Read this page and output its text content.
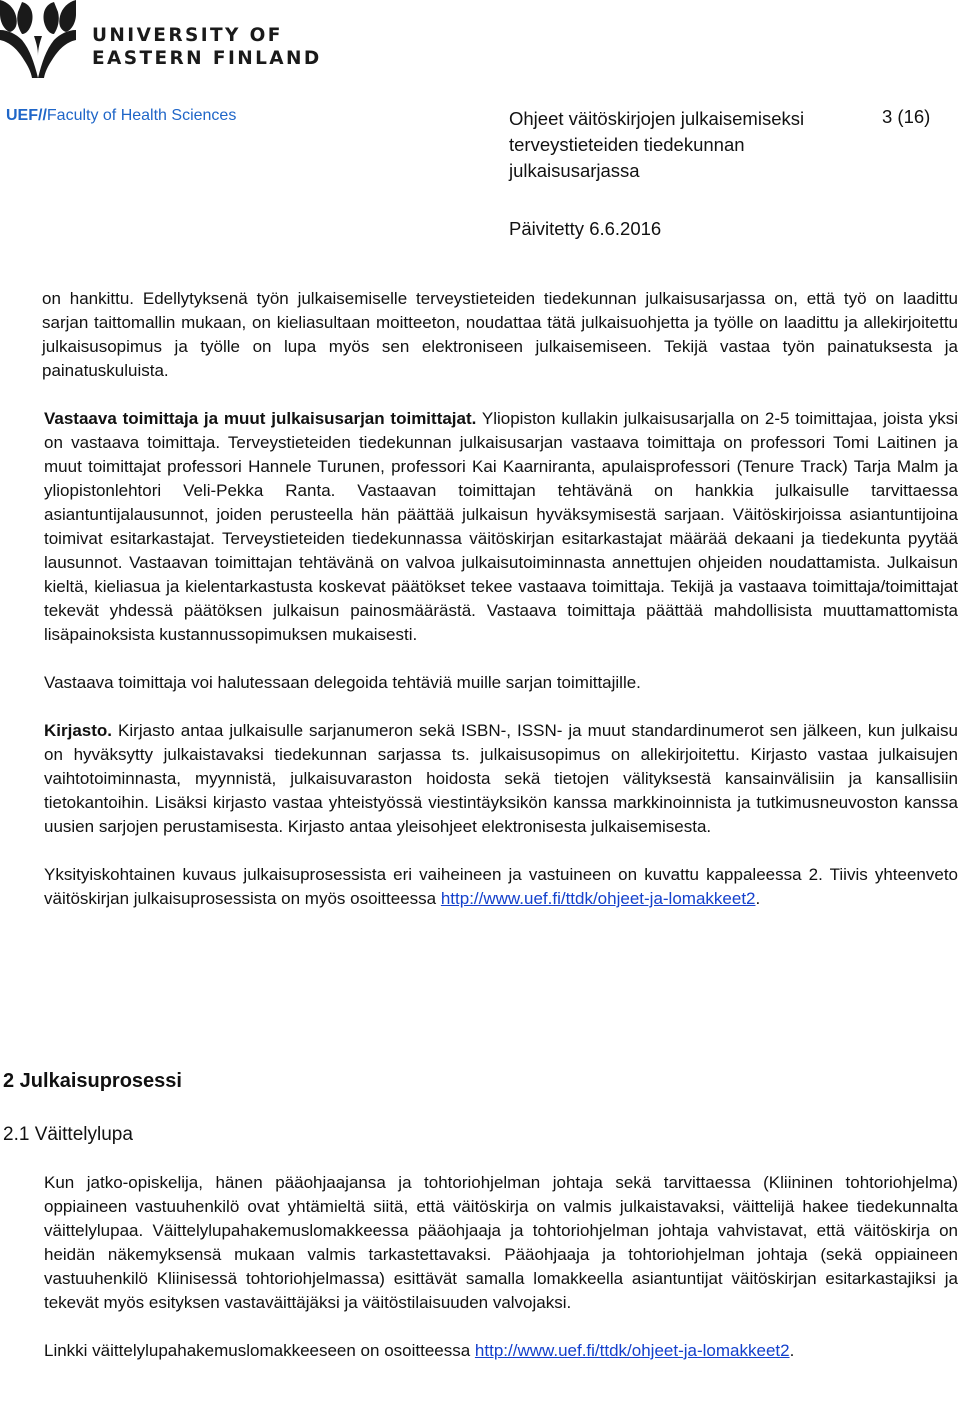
UNIVERSITY OF
EASTERN FINLAND
UEF//Faculty of Health Sciences	Ohjeet väitöskirjojen julkaisemiseksi terveystieteiden tiedekunnan julkaisusarjassa
3 (16)
Päivitetty 6.6.2016

on hankittu. Edellytyksenä työn julkaisemiselle terveystieteiden tiedekunnan julkaisusarjassa on, että työ on laadittu sarjan taittomallin mukaan, on kieliasultaan moitteeton, noudattaa tätä julkaisuohjetta ja työlle on laadittu ja allekirjoitettu julkaisusopimus ja työlle on lupa myös sen elektroniseen julkaisemiseen. Tekijä vastaa työn painatuksesta ja painatuskuluista.

Vastaava toimittaja ja muut julkaisusarjan toimittajat. Yliopiston kullakin julkaisusarjalla on 2-5 toimittajaa, joista yksi on vastaava toimittaja. Terveystieteiden tiedekunnan julkaisusarjan vastaava toimittaja on professori Tomi Laitinen ja muut toimittajat professori Hannele Turunen, professori Kai Kaarniranta, apulaisprofessori (Tenure Track) Tarja Malm ja yliopistonlehtori Veli-Pekka Ranta. Vastaavan toimittajan tehtävänä on hankkia julkaisulle tarvittaessa asiantuntijalausunnot, joiden perusteella hän päättää julkaisun hyväksymisestä sarjaan. Väitöskirjoissa asiantuntijoina toimivat esitarkastajat. Terveystieteiden tiedekunnassa väitöskirjan esitarkastajat määrää dekaani ja tiedekunta pyytää lausunnot. Vastaavan toimittajan tehtävänä on valvoa julkaisutoiminnasta annettujen ohjeiden noudattamista. Julkaisun kieltä, kieliasua ja kielentarkastusta koskevat päätökset tekee vastaava toimittaja. Tekijä ja vastaava toimittaja/toimittajat tekevät yhdessä päätöksen julkaisun painosmäärästä. Vastaava toimittaja päättää mahdollisista muuttamattomista lisäpainoksista kustannussopimuksen mukaisesti.

Vastaava toimittaja voi halutessaan delegoida tehtäviä muille sarjan toimittajille.

Kirjasto. Kirjasto antaa julkaisulle sarjanumeron sekä ISBN-, ISSN- ja muut standardinumerot sen jälkeen, kun julkaisu on hyväksytty julkaistavaksi tiedekunnan sarjassa ts. julkaisusopimus on allekirjoitettu. Kirjasto vastaa julkaisujen vaihtotoiminnasta, myynnistä, julkaisuvaraston hoidosta sekä tietojen välityksestä kansainvälisiin ja kansallisiin tietokantoihin. Lisäksi kirjasto vastaa yhteistyössä viestintäyksikön kanssa markkinoinnista ja tutkimusneuvoston kanssa uusien sarjojen perustamisesta. Kirjasto antaa yleisohjeet elektronisesta julkaisemisesta.

Yksityiskohtainen kuvaus julkaisuprosessista eri vaiheineen ja vastuineen on kuvattu kappaleessa 2. Tiivis yhteenveto väitöskirjan julkaisuprosessista on myös osoitteessa http://www.uef.fi/ttdk/ohjeet-ja-lomakkeet2.

2 Julkaisuprosessi
2.1 Väittelylupa

Kun jatko-opiskelija, hänen pääohjaajansa ja tohtoriohjelman johtaja sekä tarvittaessa (Kliininen tohtoriohjelma) oppiaineen vastuuhenkilö ovat yhtämieltä siitä, että väitöskirja on valmis julkaistavaksi, väittelijä hakee tiedekunnalta väittelylupaa. Väittelylupahakemuslomakkeessa pääohjaaja ja tohtoriohjelman johtaja vahvistavat, että väitöskirja on heidän näkemyksensä mukaan valmis tarkastettavaksi. Pääohjaaja ja tohtoriohjelman johtaja (sekä oppiaineen vastuuhenkilö Kliinisessä tohtoriohjelmassa) esittävät samalla lomakkeella asiantuntijat väitöskirjan esitarkastajiksi ja tekevät myös esityksen vastaväittäjäksi ja väitöstilaisuuden valvojaksi.

Linkki väittelylupahakemuslomakkeeseen on osoitteessa http://www.uef.fi/ttdk/ohjeet-ja-lomakkeet2.
